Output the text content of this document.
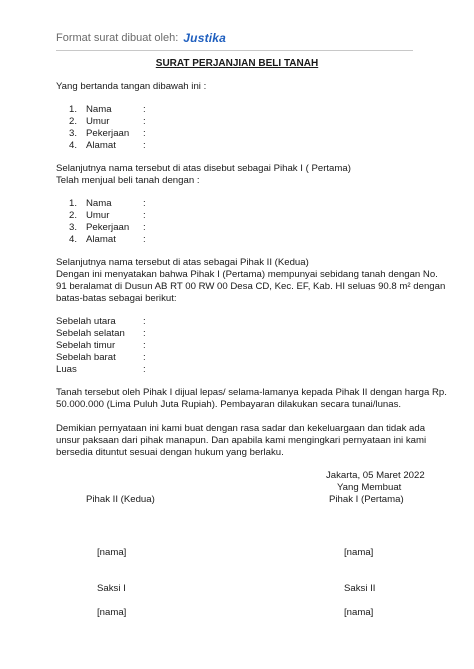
Format surat dibuat oleh: Justika
SURAT PERJANJIAN BELI TANAH
Yang bertanda tangan dibawah ini :
1. Nama	:
2. Umur	:
3. Pekerjaan :
4. Alamat	:
Selanjutnya nama tersebut di atas disebut sebagai Pihak I ( Pertama)
Telah menjual beli tanah dengan :
1. Nama	:
2. Umur	:
3. Pekerjaan :
4. Alamat	:
Selanjutnya nama tersebut di atas sebagai Pihak II (Kedua)
Dengan ini menyatakan bahwa Pihak I (Pertama) mempunyai sebidang tanah dengan No.
91 beralamat di Dusun AB RT 00 RW 00 Desa CD, Kec. EF, Kab. HI seluas 90.8 m² dengan
batas-batas sebagai berikut:
Sebelah utara	:
Sebelah selatan :
Sebelah timur	:
Sebelah barat	:
Luas	:
Tanah tersebut oleh Pihak I dijual lepas/ selama-lamanya kepada Pihak II dengan harga Rp.
50.000.000 (Lima Puluh Juta Rupiah). Pembayaran dilakukan secara tunai/lunas.
Demikian pernyataan ini kami buat dengan rasa sadar dan kekeluargaan dan tidak ada
unsur paksaan dari pihak manapun. Dan apabila kami mengingkari pernyataan ini kami
bersedia dituntut sesuai dengan hukum yang berlaku.
Jakarta, 05 Maret 2022
Yang Membuat
Pihak II (Kedua)	Pihak I (Pertama)
[nama]	[nama]
Saksi I	Saksi II
[nama]	[nama]
